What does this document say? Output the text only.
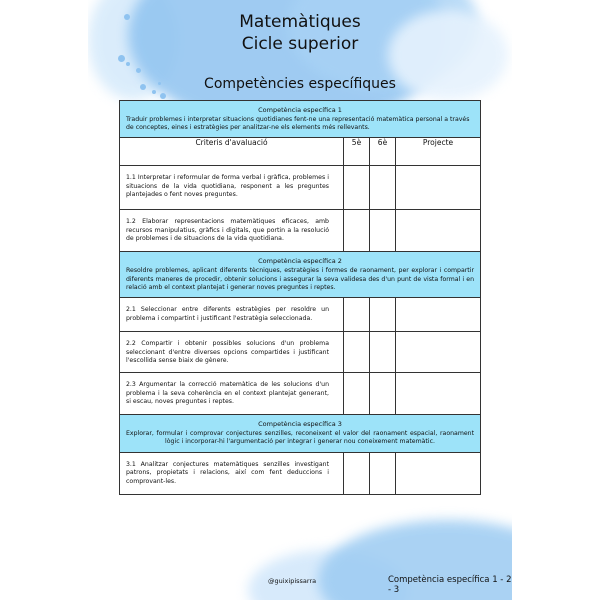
Matemàtiques
Cicle superior
Competències específiques
Competència específica 1
Traduir problemes i interpretar situacions quotidianes fent-ne una representació matemàtica personal a través de conceptes, eines i estratègies per analitzar-ne els elements més rellevants.			

Criteris d'avaluació	5è	6è	Projecte
1.1 Interpretar i reformular de forma verbal i gràfica, problemes i situacions de la vida quotidiana, responent a les preguntes plantejades o fent noves preguntes.			
1.2 Elaborar representacions matemàtiques eficaces, amb recursos manipulatius, gràfics i digitals, que portin a la resolució de problemes i de situacions de la vida quotidiana.			

Competència específica 2
Resoldre problemes, aplicant diferents tècniques, estratègies i formes de raonament, per explorar i compartir diferents maneres de procedir, obtenir solucions i assegurar la seva validesa des d'un punt de vista formal i en relació amb el context plantejat i generar noves preguntes i reptes.			

2.1 Seleccionar entre diferents estratègies per resoldre un problema i compartint i justificant l'estratègia seleccionada.			
2.2 Compartir i obtenir possibles solucions d'un problema seleccionant d'entre diverses opcions compartides i justificant l'escollida sense biaix de gènere.			
2.3 Argumentar la correcció matemàtica de les solucions d'un problema i la seva coherència en el context plantejat generant, si escau, noves preguntes i reptes.			

Competència específica 3
Explorar, formular i comprovar conjectures senzilles, reconeixent el valor del raonament espacial, raonament lògic i incorporar-hi l'argumentació per integrar i generar nou coneixement matemàtic.			

3.1 Analitzar conjectures matemàtiques senzilles investigant patrons, propietats i relacions, així com fent deduccions i comprovant-les.			
@guixipissarra	Competència específica 1 - 2 - 3
